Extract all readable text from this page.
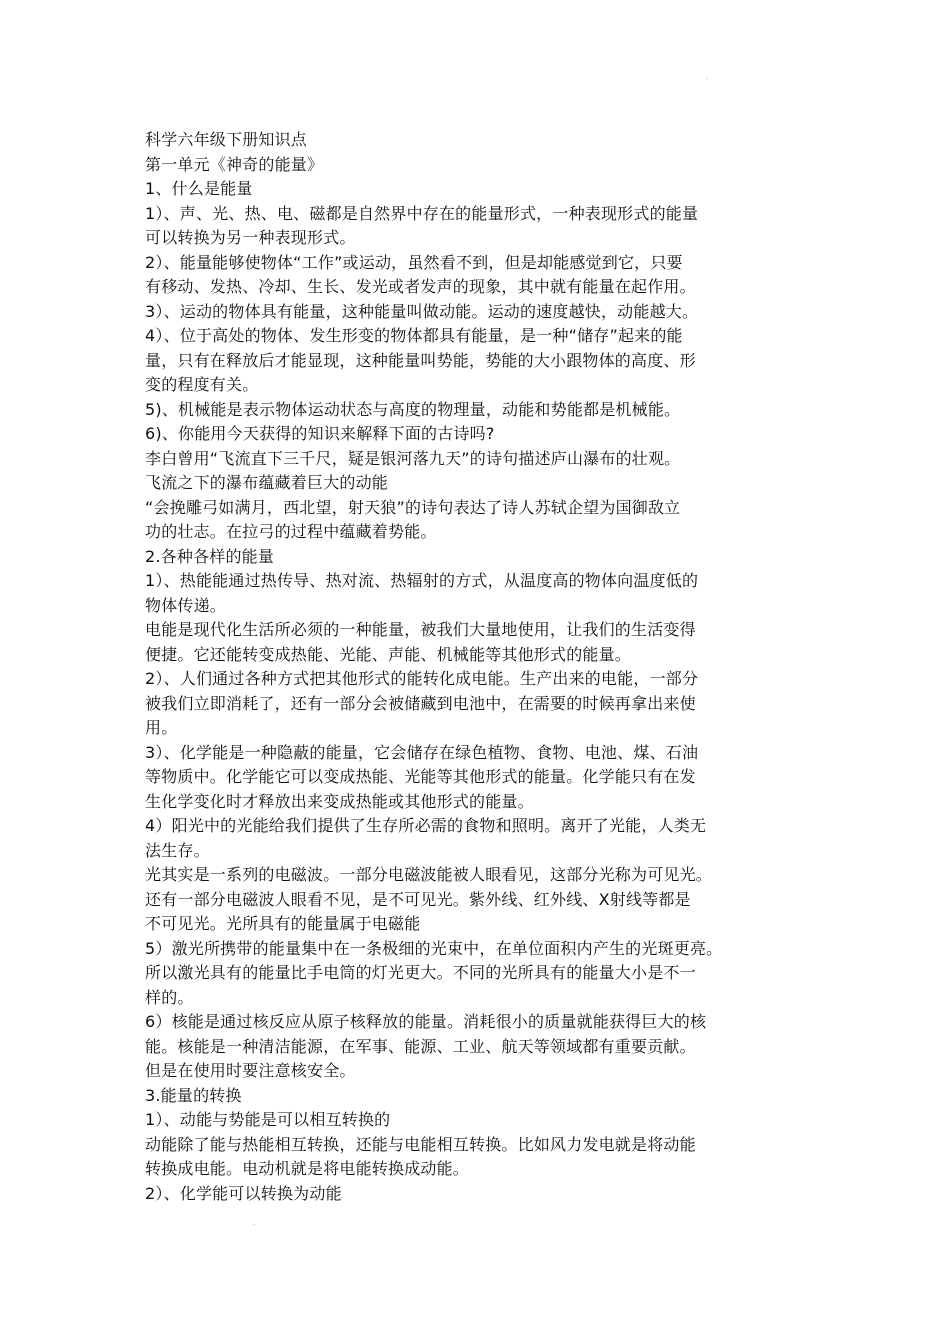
·
·
科学六年级下册知识点
第一单元《神奇的能量》
1、什么是能量
1）、声、光、热、电、磁都是自然界中存在的能量形式，一种表现形式的能量
可以转换为另一种表现形式。
2）、能量能够使物体“工作”或运动，虽然看不到，但是却能感觉到它，只要
有移动、发热、冷却、生长、发光或者发声的现象，其中就有能量在起作用。
3）、运动的物体具有能量，这种能量叫做动能。运动的速度越快，动能越大。
4）、位于高处的物体、发生形变的物体都具有能量，是一种“储存”起来的能
量，只有在释放后才能显现，这种能量叫势能，势能的大小跟物体的高度、形
变的程度有关。
5)、机械能是表示物体运动状态与高度的物理量，动能和势能都是机械能。
6)、你能用今天获得的知识来解释下面的古诗吗?
李白曾用“飞流直下三千尺，疑是银河落九天”的诗句描述庐山瀑布的壮观。
飞流之下的瀑布蕴藏着巨大的动能
“会挽雕弓如满月，西北望，射天狼”的诗句表达了诗人苏轼企望为国御敌立
功的壮志。在拉弓的过程中蕴藏着势能。
2.各种各样的能量
1）、热能能通过热传导、热对流、热辐射的方式，从温度高的物体向温度低的
物体传递。
电能是现代化生活所必须的一种能量，被我们大量地使用，让我们的生活变得
便捷。它还能转变成热能、光能、声能、机械能等其他形式的能量。
2）、人们通过各种方式把其他形式的能转化成电能。生产出来的电能，一部分
被我们立即消耗了，还有一部分会被储藏到电池中，在需要的时候再拿出来使
用。
3）、化学能是一种隐蔽的能量，它会储存在绿色植物、食物、电池、煤、石油
等物质中。化学能它可以变成热能、光能等其他形式的能量。化学能只有在发
生化学变化时才释放出来变成热能或其他形式的能量。
4）阳光中的光能给我们提供了生存所必需的食物和照明。离开了光能，人类无
法生存。
光其实是一系列的电磁波。一部分电磁波能被人眼看见，这部分光称为可见光。
还有一部分电磁波人眼看不见，是不可见光。紫外线、红外线、X射线等都是
不可见光。光所具有的能量属于电磁能
5）激光所携带的能量集中在一条极细的光束中，在单位面积内产生的光斑更亮。
所以激光具有的能量比手电筒的灯光更大。不同的光所具有的能量大小是不一
样的。
6）核能是通过核反应从原子核释放的能量。消耗很小的质量就能获得巨大的核
能。核能是一种清洁能源，在军事、能源、工业、航天等领域都有重要贡献。
但是在使用时要注意核安全。
3.能量的转换
1）、动能与势能是可以相互转换的
动能除了能与热能相互转换，还能与电能相互转换。比如风力发电就是将动能
转换成电能。电动机就是将电能转换成动能。
2）、化学能可以转换为动能
